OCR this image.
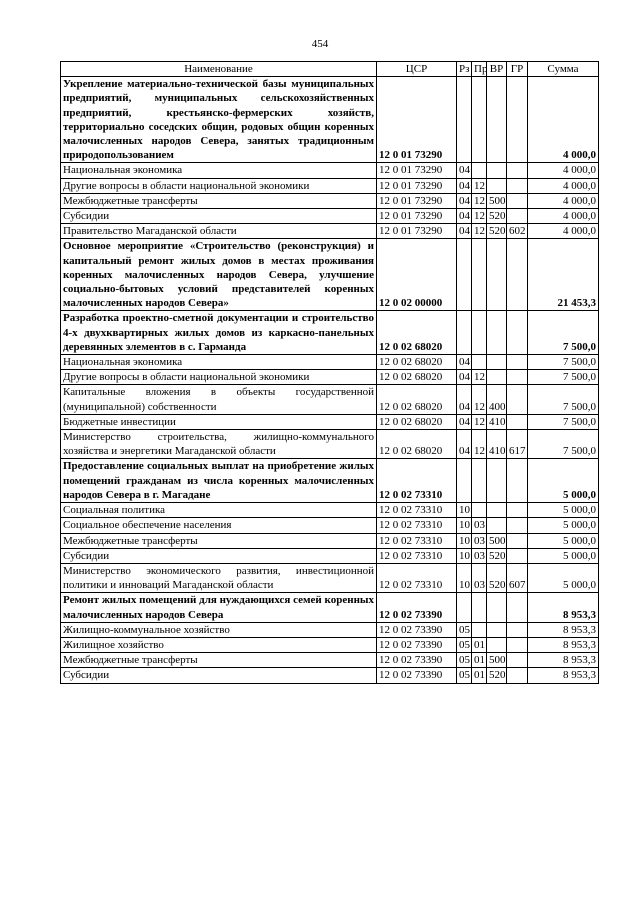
454
Наименование	ЦСР	Рз	Пр	ВР	ГР	Сумма
Укрепление материально-технической базы муниципальных предприятий, муниципальных сельскохозяйственных предприятий, крестьянско-фермерских хозяйств, территориально соседских общин, родовых общин коренных малочисленных народов Севера, занятых традиционным природопользованием	12 0 01 73290					4 000,0
Национальная экономика	12 0 01 73290	04				4 000,0
Другие вопросы в области национальной экономики	12 0 01 73290	04	12			4 000,0
Межбюджетные трансферты	12 0 01 73290	04	12	500		4 000,0
Субсидии	12 0 01 73290	04	12	520		4 000,0
Правительство Магаданской области	12 0 01 73290	04	12	520	602	4 000,0
Основное мероприятие «Строительство (реконструкция) и капитальный ремонт жилых домов в местах проживания коренных малочисленных народов Севера, улучшение социально-бытовых условий представителей коренных малочисленных народов Севера»	12 0 02 00000					21 453,3
Разработка проектно-сметной документации и строительство 4-х двухквартирных жилых домов из каркасно-панельных деревянных элементов в с. Гарманда	12 0 02 68020					7 500,0
Национальная экономика	12 0 02 68020	04				7 500,0
Другие вопросы в области национальной экономики	12 0 02 68020	04	12			7 500,0
Капитальные вложения в объекты государственной (муниципальной) собственности	12 0 02 68020	04	12	400		7 500,0
Бюджетные инвестиции	12 0 02 68020	04	12	410		7 500,0
Министерство строительства, жилищно-коммунального хозяйства и энергетики Магаданской области	12 0 02 68020	04	12	410	617	7 500,0
Предоставление социальных выплат на приобретение жилых помещений гражданам из числа коренных малочисленных народов Севера в г. Магадане	12 0 02 73310					5 000,0
Социальная политика	12 0 02 73310	10				5 000,0
Социальное обеспечение населения	12 0 02 73310	10	03			5 000,0
Межбюджетные трансферты	12 0 02 73310	10	03	500		5 000,0
Субсидии	12 0 02 73310	10	03	520		5 000,0
Министерство экономического развития, инвестиционной политики и инноваций Магаданской области	12 0 02 73310	10	03	520	607	5 000,0
Ремонт жилых помещений для нуждающихся семей коренных малочисленных народов Севера	12 0 02 73390					8 953,3
Жилищно-коммунальное хозяйство	12 0 02 73390	05				8 953,3
Жилищное хозяйство	12 0 02 73390	05	01			8 953,3
Межбюджетные трансферты	12 0 02 73390	05	01	500		8 953,3
Субсидии	12 0 02 73390	05	01	520		8 953,3
